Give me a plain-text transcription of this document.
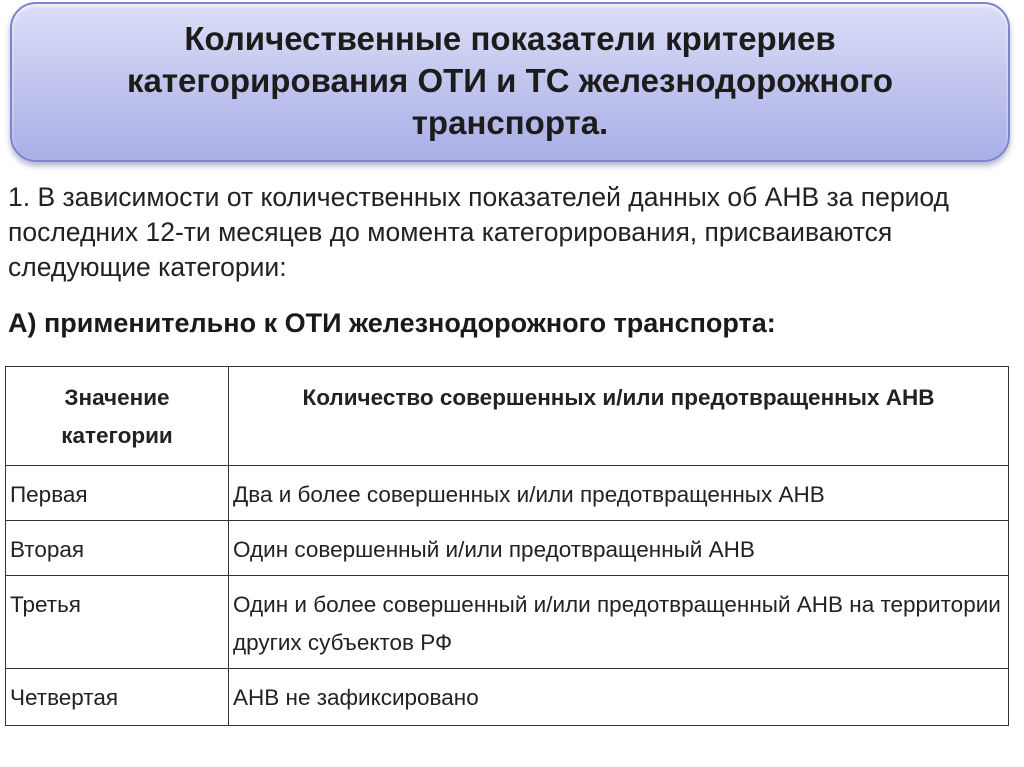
Количественные показатели критериев категорирования ОТИ и ТС железнодорожного транспорта.
1. В зависимости от количественных показателей данных об АНВ за период последних 12-ти месяцев до момента категорирования, присваиваются следующие категории:
А) применительно к ОТИ железнодорожного транспорта:
Значение категории	Количество совершенных и/или предотвращенных АНВ
Первая	Два и более совершенных и/или предотвращенных АНВ
Вторая	Один совершенный и/или предотвращенный АНВ
Третья	Один и более совершенный и/или предотвращенный АНВ на территории других субъектов РФ
Четвертая	АНВ не зафиксировано
